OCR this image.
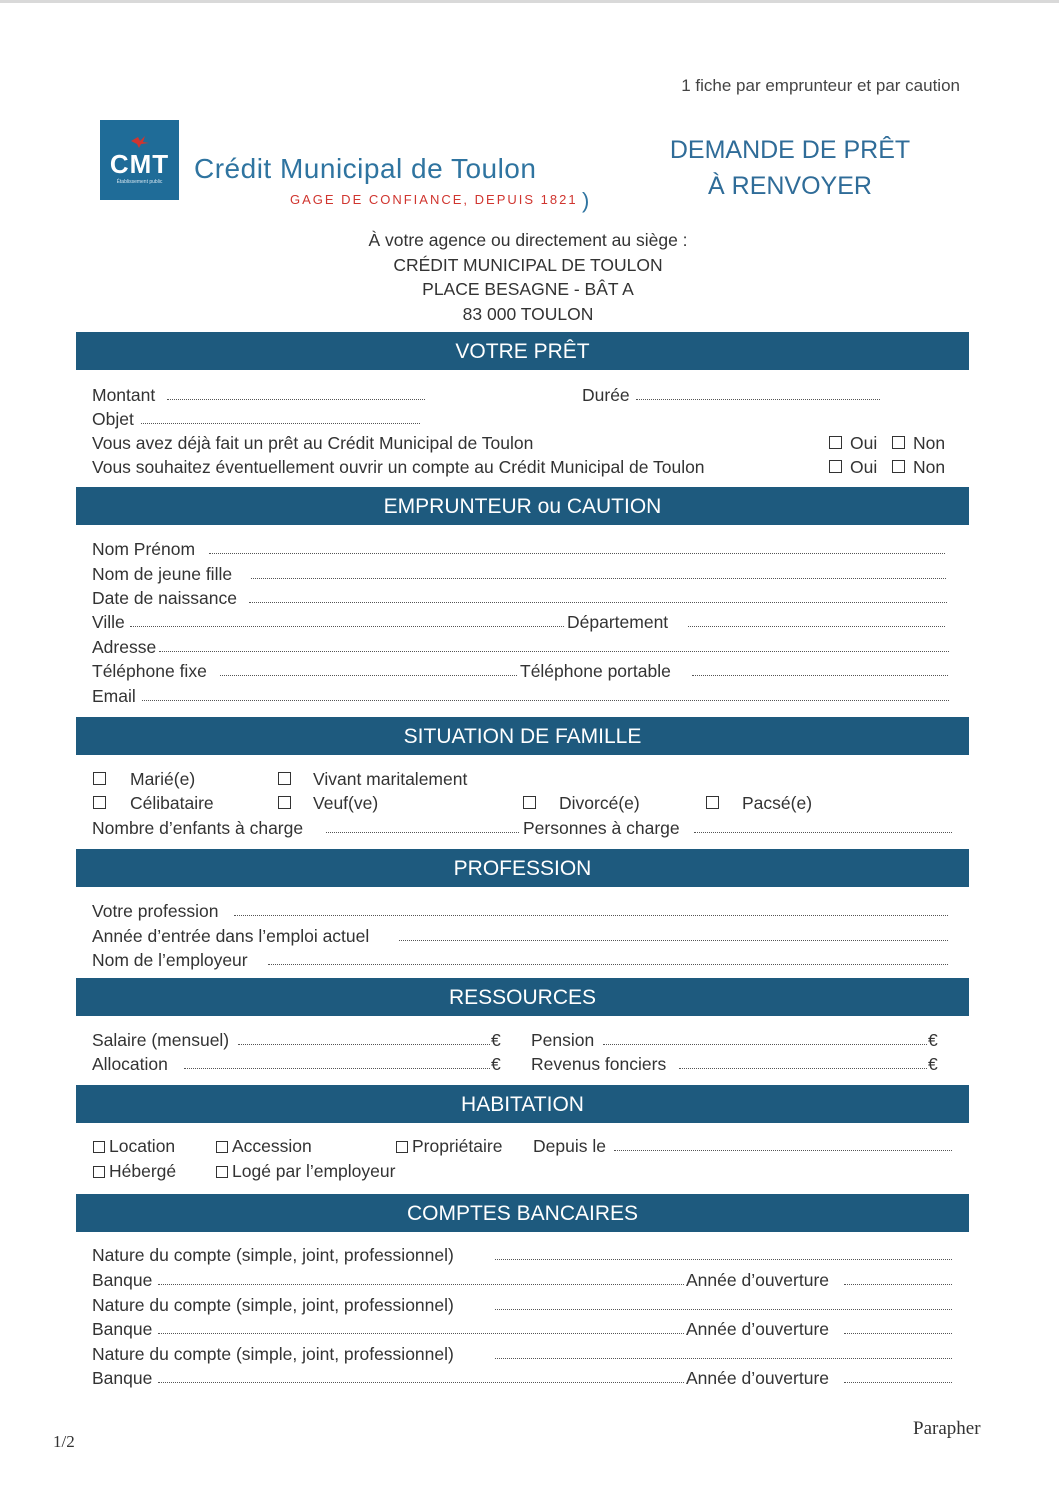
1 fiche par emprunteur et par caution
CMT
Établissement public Crédit Municipal de Toulon
GAGE DE CONFIANCE, DEPUIS 1821 )
DEMANDE DE PRÊT
À RENVOYER
À votre agence ou directement au siège :
CRÉDIT MUNICIPAL DE TOULON
PLACE BESAGNE - BÂT A
83 000 TOULON
VOTRE PRÊT
Montant	Durée
Objet
Vous avez déjà fait un prêt au Crédit Municipal de Toulon	Oui Non
Vous souhaitez éventuellement ouvrir un compte au Crédit Municipal de Toulon	Oui Non
EMPRUNTEUR ou CAUTION
Nom Prénom
Nom de jeune fille
Date de naissance
Ville	Département
Adresse
Téléphone fixe	Téléphone portable
Email
SITUATION DE FAMILLE
Marié(e)	Vivant maritalement
Célibataire	Veuf(ve)	Divorcé(e)	Pacsé(e)
Nombre d’enfants à charge	Personnes à charge
PROFESSION
Votre profession
Année d’entrée dans l’emploi actuel
Nom de l’employeur
RESSOURCES
Salaire (mensuel)	€ Pension	€
Allocation	€ Revenus fonciers	€
HABITATION
Location	Accession	Propriétaire Depuis le
Hébergé	Logé par l’employeur
COMPTES BANCAIRES
Nature du compte (simple, joint, professionnel)
Banque	Année d’ouverture
Nature du compte (simple, joint, professionnel)
Banque	Année d’ouverture
Nature du compte (simple, joint, professionnel)
Banque	Année d’ouverture
1/2
Parapher
